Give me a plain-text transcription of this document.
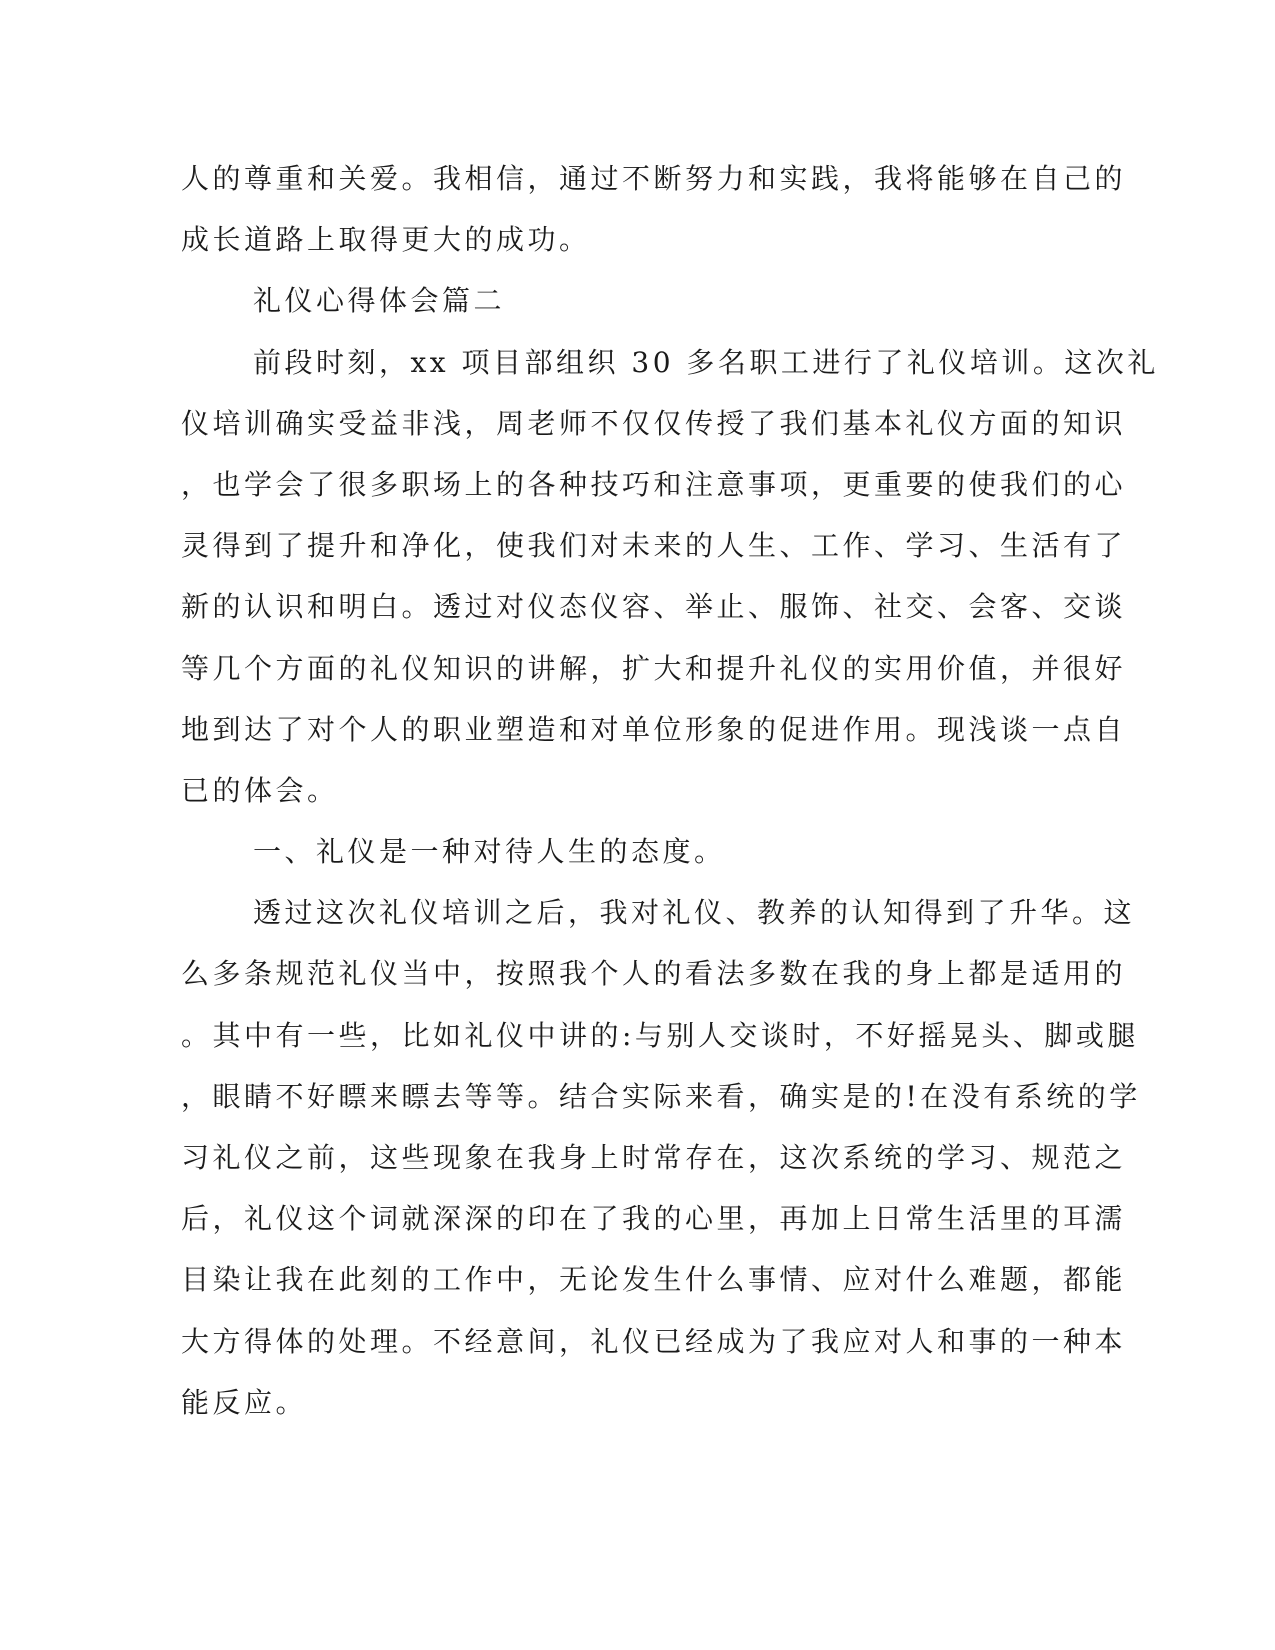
人的尊重和关爱。我相信，通过不断努力和实践，我将能够在自己的
成长道路上取得更大的成功。
礼仪心得体会篇二
前段时刻，xx 项目部组织 30 多名职工进行了礼仪培训。这次礼
仪培训确实受益非浅，周老师不仅仅传授了我们基本礼仪方面的知识
，也学会了很多职场上的各种技巧和注意事项，更重要的使我们的心
灵得到了提升和净化，使我们对未来的人生、工作、学习、生活有了
新的认识和明白。透过对仪态仪容、举止、服饰、社交、会客、交谈
等几个方面的礼仪知识的讲解，扩大和提升礼仪的实用价值，并很好
地到达了对个人的职业塑造和对单位形象的促进作用。现浅谈一点自
已的体会。
一、礼仪是一种对待人生的态度。
透过这次礼仪培训之后，我对礼仪、教养的认知得到了升华。这
么多条规范礼仪当中，按照我个人的看法多数在我的身上都是适用的
。其中有一些，比如礼仪中讲的:与别人交谈时，不好摇晃头、脚或腿
，眼睛不好瞟来瞟去等等。结合实际来看，确实是的!在没有系统的学
习礼仪之前，这些现象在我身上时常存在，这次系统的学习、规范之
后，礼仪这个词就深深的印在了我的心里，再加上日常生活里的耳濡
目染让我在此刻的工作中，无论发生什么事情、应对什么难题，都能
大方得体的处理。不经意间，礼仪已经成为了我应对人和事的一种本
能反应。
